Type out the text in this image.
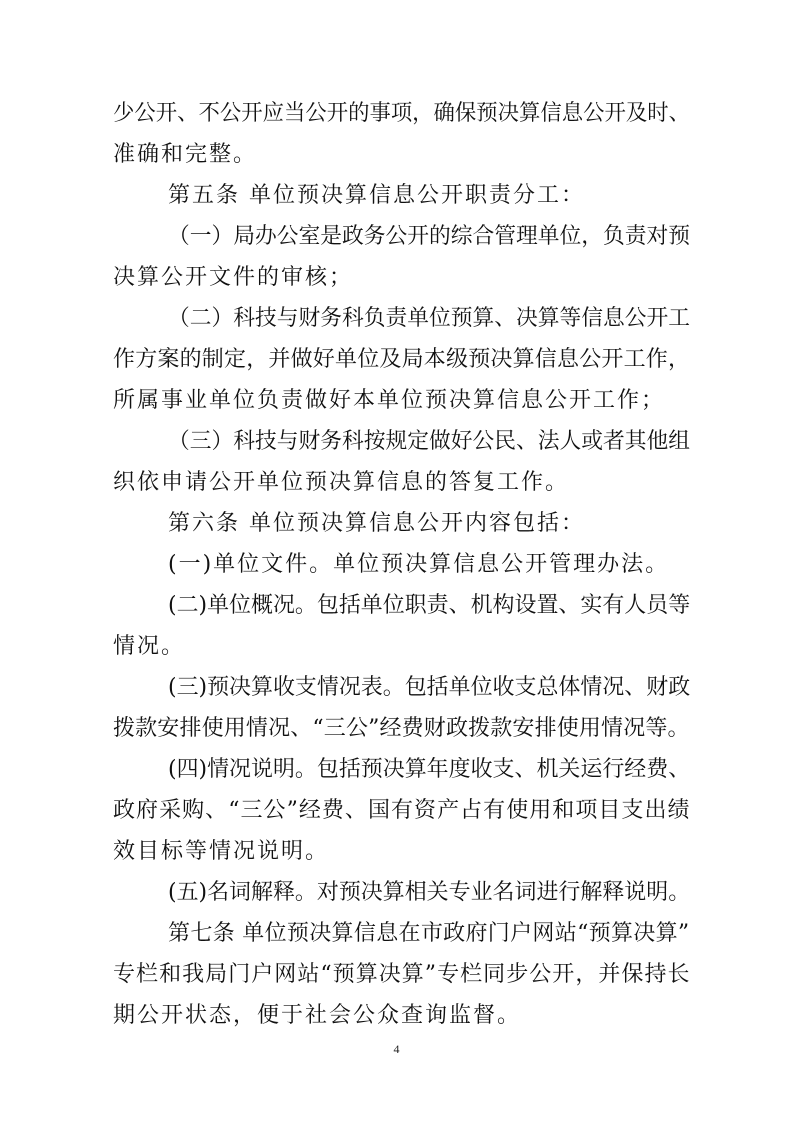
少公开、不公开应当公开的事项，确保预决算信息公开及时、
准确和完整。
第五条 单位预决算信息公开职责分工：
（一）局办公室是政务公开的综合管理单位，负责对预
决算公开文件的审核；
（二）科技与财务科负责单位预算、决算等信息公开工
作方案的制定，并做好单位及局本级预决算信息公开工作，
所属事业单位负责做好本单位预决算信息公开工作；
（三）科技与财务科按规定做好公民、法人或者其他组
织依申请公开单位预决算信息的答复工作。
第六条 单位预决算信息公开内容包括：
(一)单位文件。单位预决算信息公开管理办法。
(二)单位概况。包括单位职责、机构设置、实有人员等
情况。
(三)预决算收支情况表。包括单位收支总体情况、财政
拨款安排使用情况、“三公”经费财政拨款安排使用情况等。
(四)情况说明。包括预决算年度收支、机关运行经费、
政府采购、“三公”经费、国有资产占有使用和项目支出绩
效目标等情况说明。
(五)名词解释。对预决算相关专业名词进行解释说明。
第七条 单位预决算信息在市政府门户网站“预算决算”
专栏和我局门户网站“预算决算”专栏同步公开，并保持长
期公开状态，便于社会公众查询监督。
4
